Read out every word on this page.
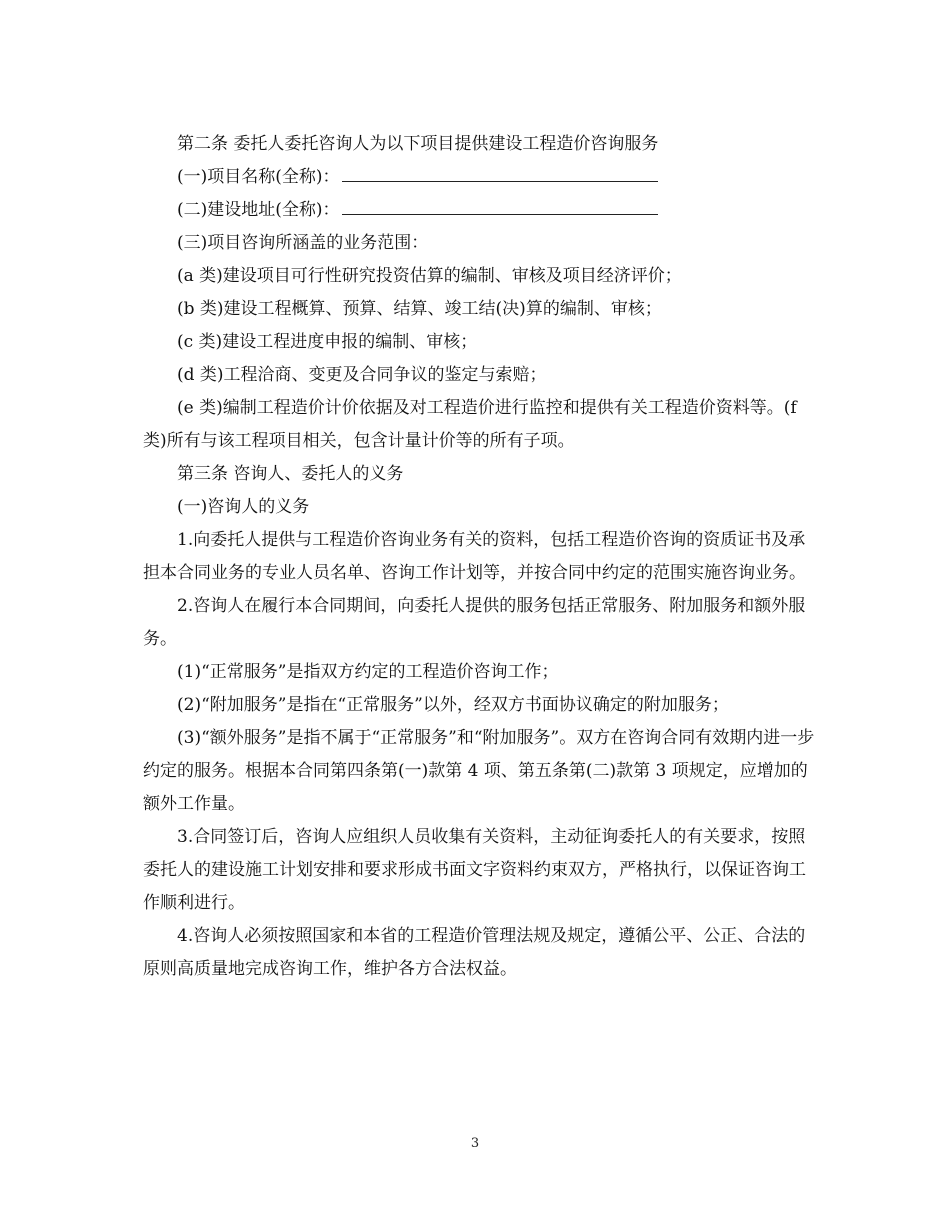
第二条 委托人委托咨询人为以下项目提供建设工程造价咨询服务

(一)项目名称(全称)：

(二)建设地址(全称)：

(三)项目咨询所涵盖的业务范围：

(a 类)建设项目可行性研究投资估算的编制、审核及项目经济评价；

(b 类)建设工程概算、预算、结算、竣工结(决)算的编制、审核；

(c 类)建设工程进度申报的编制、审核；

(d 类)工程洽商、变更及合同争议的鉴定与索赔；

(e 类)编制工程造价计价依据及对工程造价进行监控和提供有关工程造价资料等。(f 类)所有与该工程项目相关，包含计量计价等的所有子项。

第三条 咨询人、委托人的义务

(一)咨询人的义务

1.向委托人提供与工程造价咨询业务有关的资料，包括工程造价咨询的资质证书及承担本合同业务的专业人员名单、咨询工作计划等，并按合同中约定的范围实施咨询业务。

2.咨询人在履行本合同期间，向委托人提供的服务包括正常服务、附加服务和额外服务。

(1)“正常服务”是指双方约定的工程造价咨询工作；

(2)“附加服务”是指在“正常服务”以外，经双方书面协议确定的附加服务；

(3)“额外服务”是指不属于“正常服务”和“附加服务”。双方在咨询合同有效期内进一步约定的服务。根据本合同第四条第(一)款第 4 项、第五条第(二)款第 3 项规定，应增加的额外工作量。

3.合同签订后，咨询人应组织人员收集有关资料，主动征询委托人的有关要求，按照委托人的建设施工计划安排和要求形成书面文字资料约束双方，严格执行，以保证咨询工作顺利进行。

4.咨询人必须按照国家和本省的工程造价管理法规及规定，遵循公平、公正、合法的原则高质量地完成咨询工作，维护各方合法权益。

3
